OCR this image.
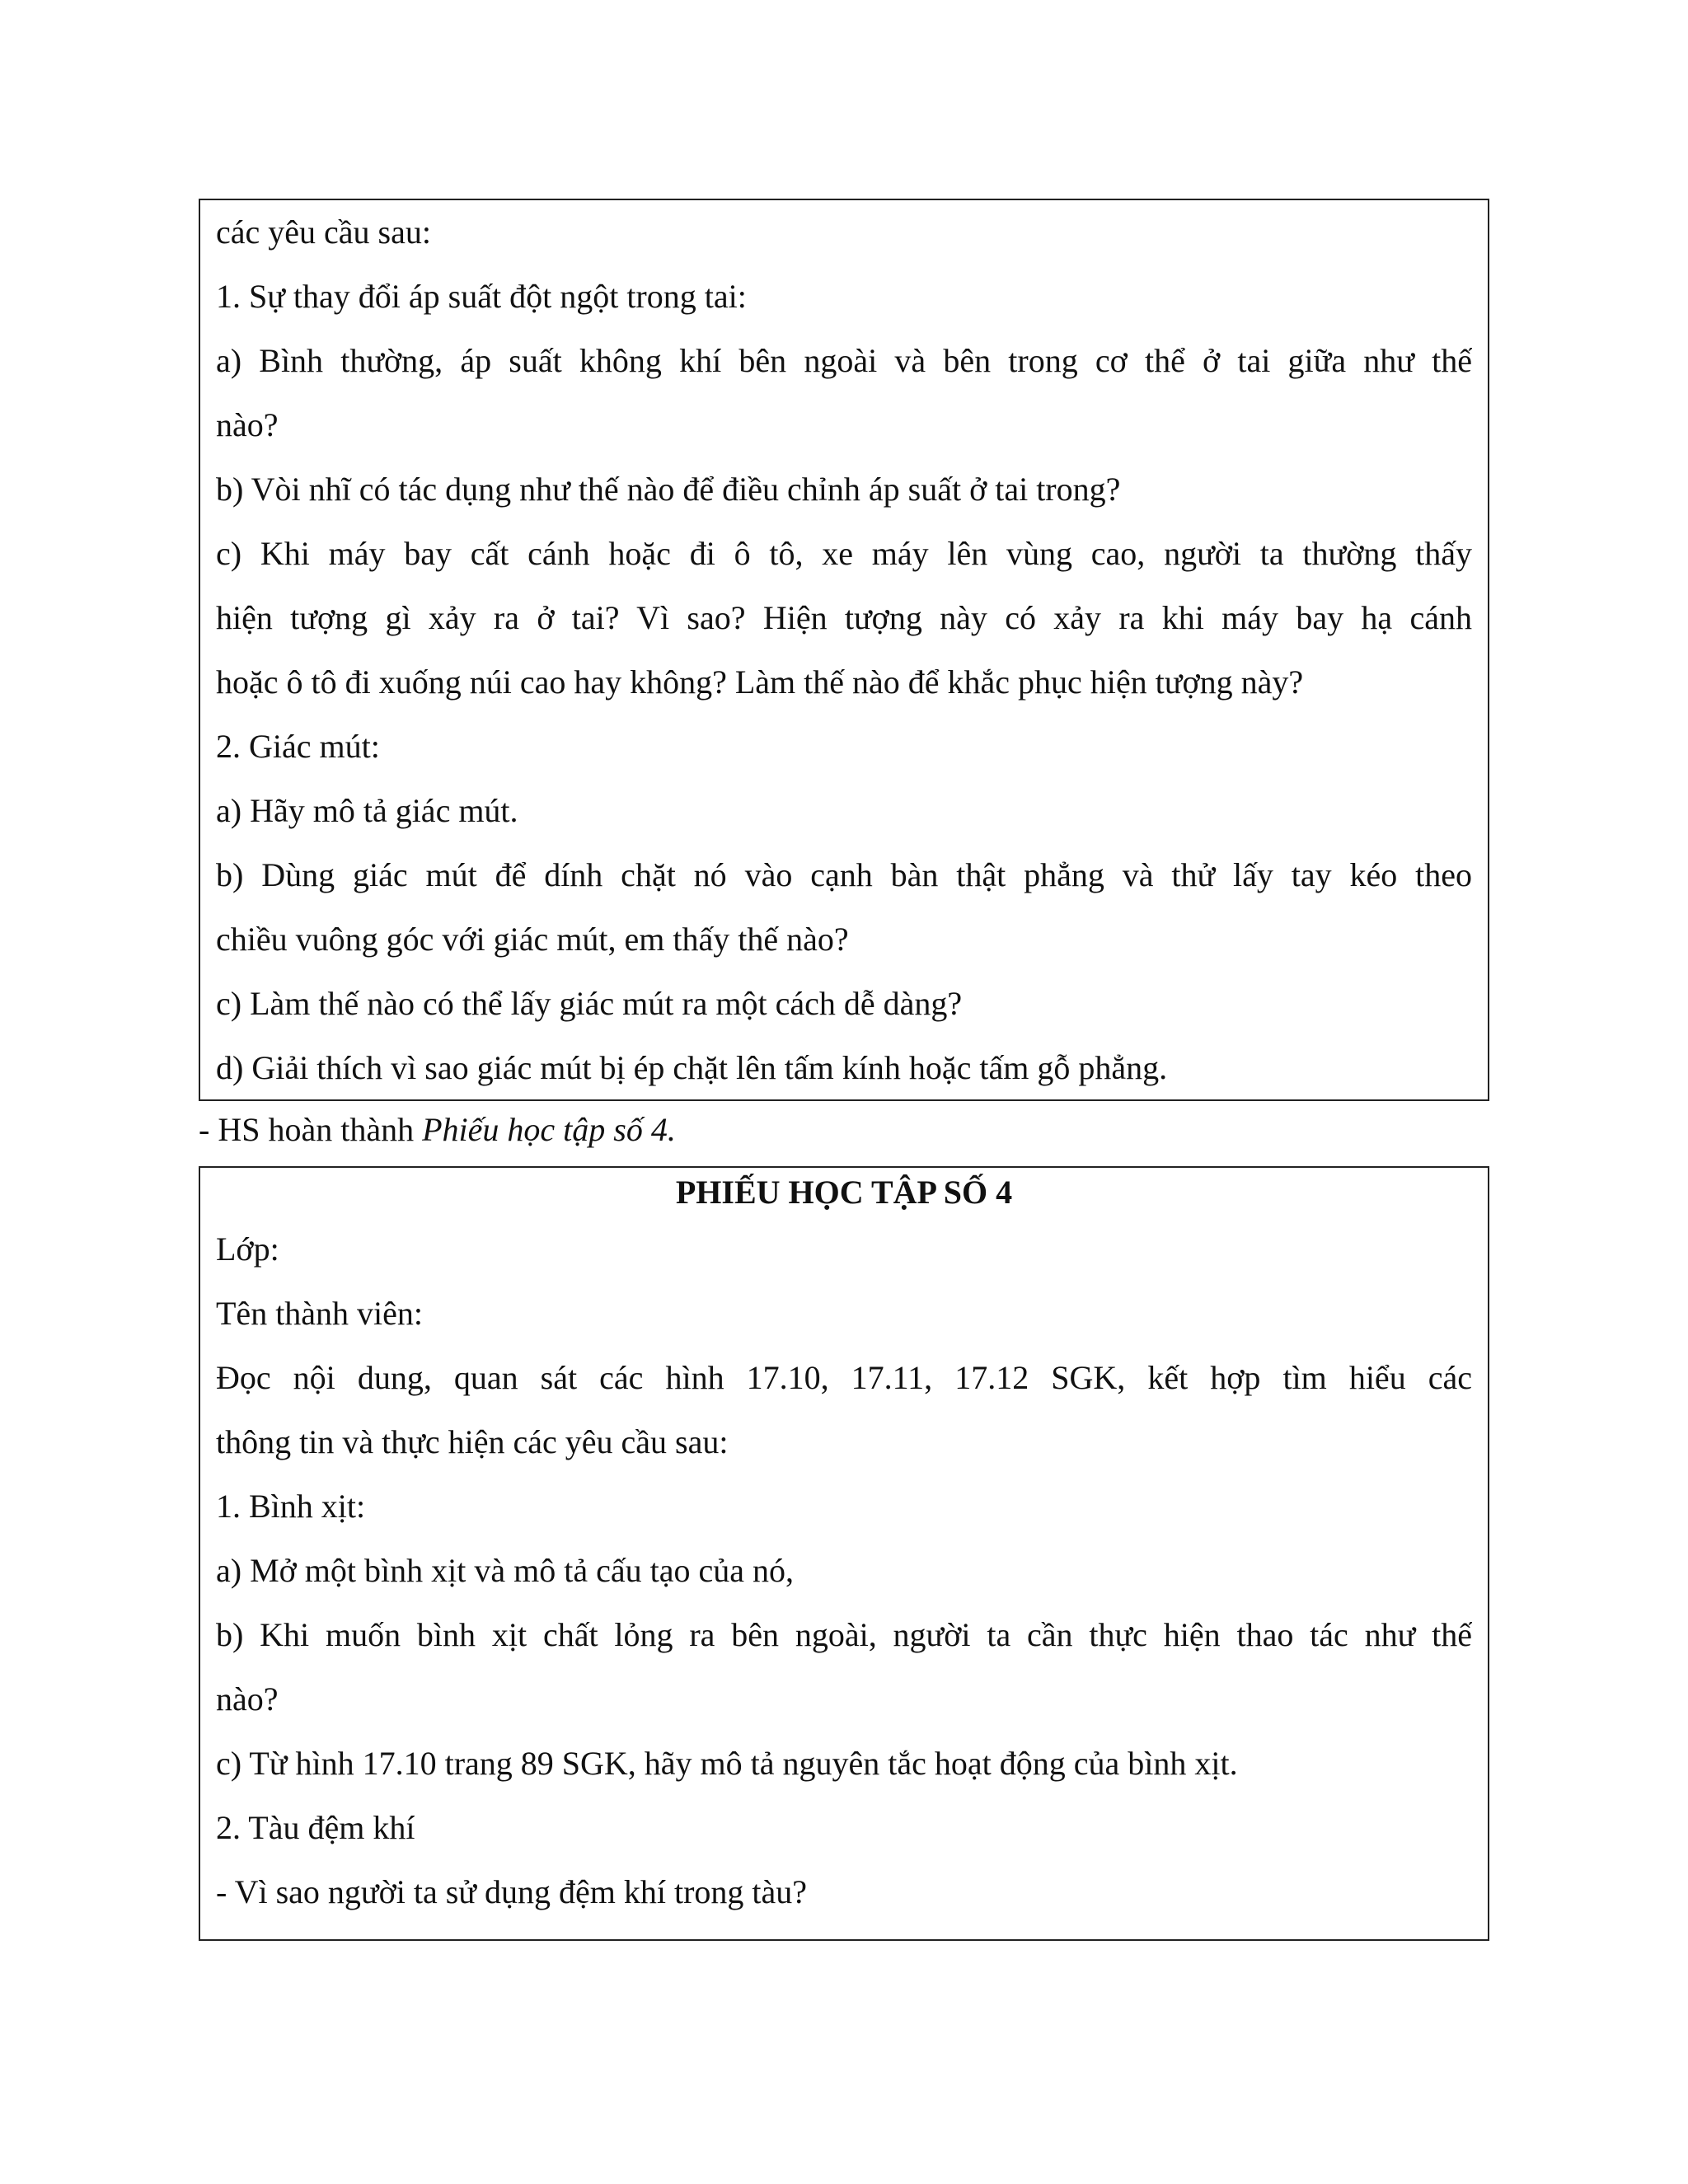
các yêu cầu sau:
1. Sự thay đổi áp suất đột ngột trong tai:
a) Bình thường, áp suất không khí bên ngoài và bên trong cơ thể ở tai giữa như thế
nào?
b) Vòi nhĩ có tác dụng như thế nào để điều chỉnh áp suất ở tai trong?
c) Khi máy bay cất cánh hoặc đi ô tô, xe máy lên vùng cao, người ta thường thấy
hiện tượng gì xảy ra ở tai? Vì sao? Hiện tượng này có xảy ra khi máy bay hạ cánh
hoặc ô tô đi xuống núi cao hay không? Làm thế nào để khắc phục hiện tượng này?
2. Giác mút:
a) Hãy mô tả giác mút.
b) Dùng giác mút để dính chặt nó vào cạnh bàn thật phẳng và thử lấy tay kéo theo
chiều vuông góc với giác mút, em thấy thế nào?
c) Làm thế nào có thể lấy giác mút ra một cách dễ dàng?
d) Giải thích vì sao giác mút bị ép chặt lên tấm kính hoặc tấm gỗ phẳng.
- HS hoàn thành Phiếu học tập số 4.
PHIẾU HỌC TẬP SỐ 4
Lớp:
Tên thành viên:
Đọc nội dung, quan sát các hình 17.10, 17.11, 17.12 SGK, kết hợp tìm hiểu các
thông tin và thực hiện các yêu cầu sau:
1. Bình xịt:
a) Mở một bình xịt và mô tả cấu tạo của nó,
b) Khi muốn bình xịt chất lỏng ra bên ngoài, người ta cần thực hiện thao tác như thế
nào?
c) Từ hình 17.10 trang 89 SGK, hãy mô tả nguyên tắc hoạt động của bình xịt.
2. Tàu đệm khí
- Vì sao người ta sử dụng đệm khí trong tàu?
